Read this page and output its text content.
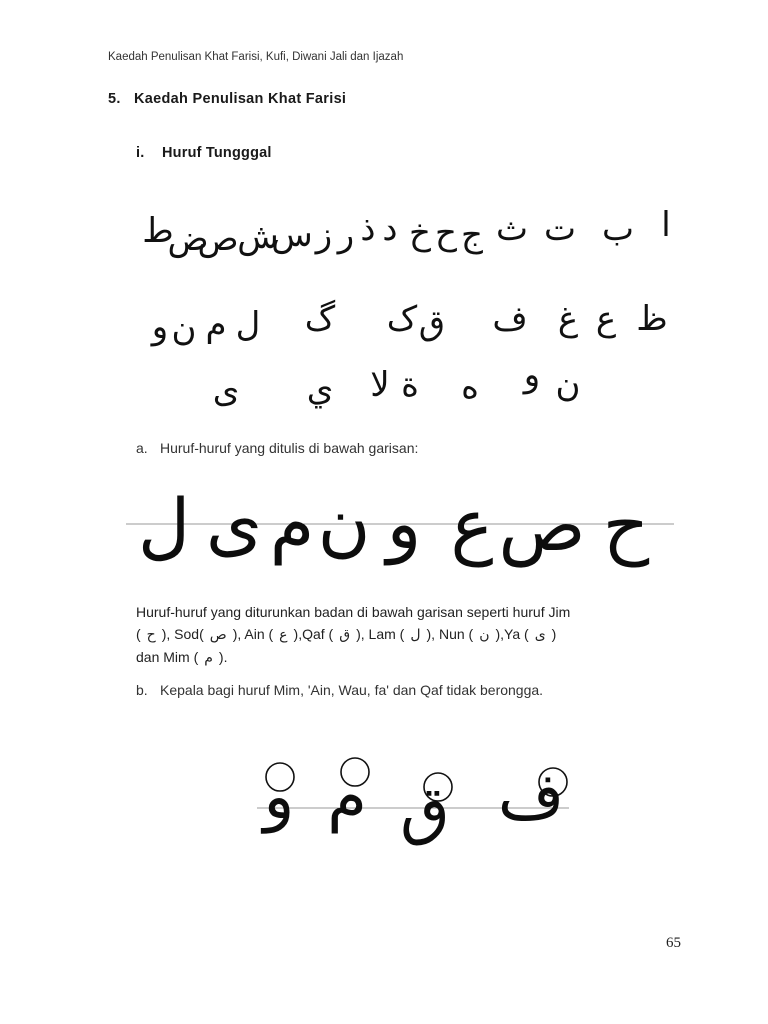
Kaedah Penulisan Khat Farisi, Kufi, Diwani Jali dan Ijazah
5. Kaedah Penulisan Khat Farisi
i. Huruf Tungggal
ط
ض
ص
ش
س ز ر ذ د خ ح ج ث ت ب ا
و ن م ل گ ک ق ف غ ع ظ
ی ي لا ة ه و ن
a. Huruf-huruf yang ditulis di bawah garisan:
ل ی م ن و ع ص ح
Huruf-huruf yang diturunkan badan di bawah garisan seperti huruf Jim
( ح ), Sod( ص ), Ain ( ع ),Qaf ( ق ), Lam ( ل ), Nun ( ن ),Ya ( ى )
dan Mim ( م ).
b. Kepala bagi huruf Mim, 'Ain, Wau, fa' dan Qaf tidak berongga.
و م ق ف
65
